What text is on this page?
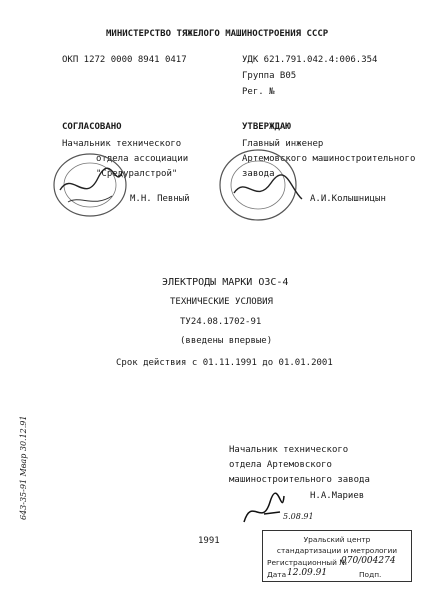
МИНИСТЕРСТВО ТЯЖЕЛОГО МАШИНОСТРОЕНИЯ СССР
ОКП 1272 0000 8941 0417	УДК 621.791.042.4:006.354
Группа В05
Рег. №
СОГЛАСОВАНО
Начальник технического
отдела ассоциации
"Средуралстрой"
М.Н. Певный
УТВЕРЖДАЮ
Главный инженер
Артемовского машиностроительного
завода
А.И.Колышницын
ЭЛЕКТРОДЫ МАРКИ ОЗС-4
ТЕХНИЧЕСКИЕ УСЛОВИЯ
ТУ24.08.1702-91
(введены впервые)
Срок действия с 01.11.1991 до 01.01.2001
643-35-91 Мвар 30.12.91	Начальник технического
отдела Артемовского
машиностроительного завода
Н.А.Мариев
5.08.91
1991	Уральский центр
стандартизации и метрологии
Регистрационный №
070/004274
Дата 12.09.91	Подп.
